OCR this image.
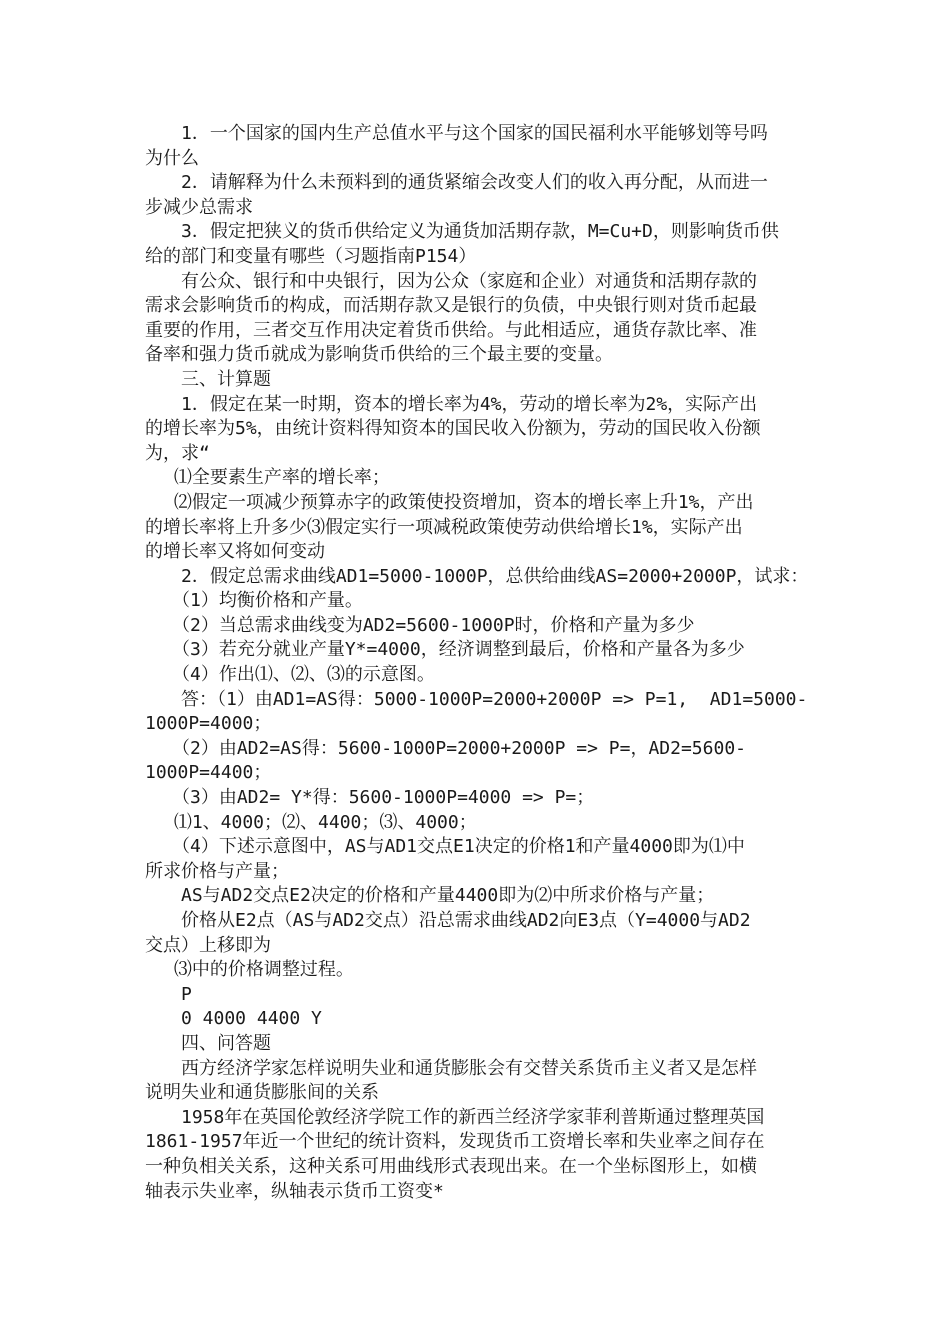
　　1．一个国家的国内生产总值水平与这个国家的国民福利水平能够划等号吗
为什么
　　2．请解释为什么未预料到的通货紧缩会改变人们的收入再分配，从而进一
步减少总需求
　　3．假定把狭义的货币供给定义为通货加活期存款，M=Cu+D，则影响货币供
给的部门和变量有哪些（习题指南P154）
　　有公众、银行和中央银行，因为公众（家庭和企业）对通货和活期存款的
需求会影响货币的构成，而活期存款又是银行的负债，中央银行则对货币起最
重要的作用，三者交互作用决定着货币供给。与此相适应，通货存款比率、准
备率和强力货币就成为影响货币供给的三个最主要的变量。
　　三、计算题
　　1．假定在某一时期，资本的增长率为4%，劳动的增长率为2%，实际产出
的增长率为5%，由统计资料得知资本的国民收入份额为，劳动的国民收入份额
为，求“
　 ⑴全要素生产率的增长率；
　 ⑵假定一项减少预算赤字的政策使投资增加，资本的增长率上升1%，产出
的增长率将上升多少⑶假定实行一项减税政策使劳动供给增长1%，实际产出
的增长率又将如何变动
　　2．假定总需求曲线AD1=5000-1000P，总供给曲线AS=2000+2000P，试求：
　　（1）均衡价格和产量。
　　（2）当总需求曲线变为AD2=5600-1000P时，价格和产量为多少
　　（3）若充分就业产量Y*=4000，经济调整到最后，价格和产量各为多少
　　（4）作出⑴、⑵、⑶的示意图。
　　答：（1）由AD1=AS得：5000-1000P=2000+2000P => P=1,  AD1=5000-
1000P=4000；
　　（2）由AD2=AS得：5600-1000P=2000+2000P => P=，AD2=5600-
1000P=4400；
　　（3）由AD2= Y*得：5600-1000P=4000 => P=；
　 ⑴1、4000；⑵、4400；⑶、4000；
　　（4）下述示意图中，AS与AD1交点E1决定的价格1和产量4000即为⑴中
所求价格与产量；
　　AS与AD2交点E2决定的价格和产量4400即为⑵中所求价格与产量；
　　价格从E2点（AS与AD2交点）沿总需求曲线AD2向E3点（Y=4000与AD2
交点）上移即为
　 ⑶中的价格调整过程。
　　P
　　0 4000 4400 Y
　　四、问答题
　　西方经济学家怎样说明失业和通货膨胀会有交替关系货币主义者又是怎样
说明失业和通货膨胀间的关系
　　1958年在英国伦敦经济学院工作的新西兰经济学家菲利普斯通过整理英国
1861-1957年近一个世纪的统计资料，发现货币工资增长率和失业率之间存在
一种负相关关系，这种关系可用曲线形式表现出来。在一个坐标图形上，如横
轴表示失业率，纵轴表示货币工资变*
